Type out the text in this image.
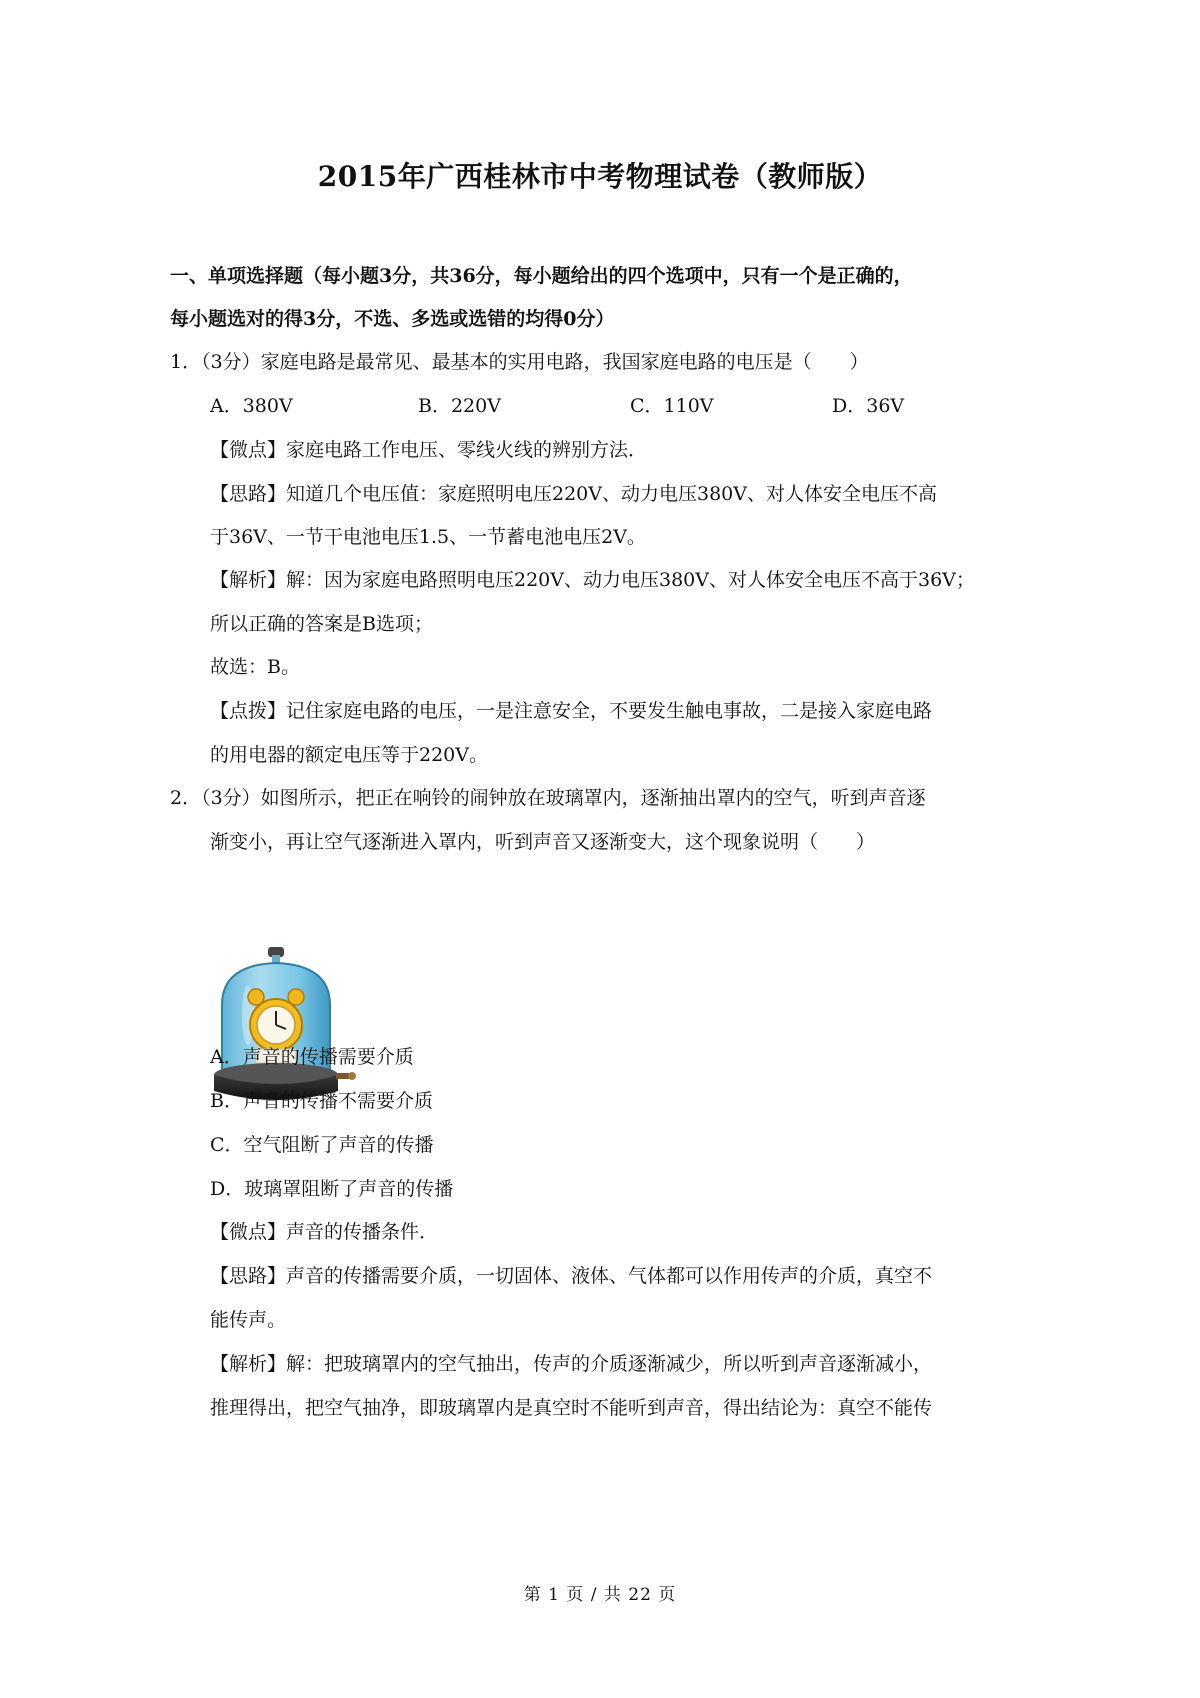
2015年广西桂林市中考物理试卷（教师版）
一、单项选择题（每小题3分，共36分，每小题给出的四个选项中，只有一个是正确的，
每小题选对的得3分，不选、多选或选错的均得0分）
1．（3分）家庭电路是最常见、最基本的实用电路，我国家庭电路的电压是（　　）
A．380V	B．220V	C．110V	D．36V
【微点】家庭电路工作电压、零线火线的辨别方法．
【思路】知道几个电压值：家庭照明电压220V、动力电压380V、对人体安全电压不高
于36V、一节干电池电压1.5、一节蓄电池电压2V。
【解析】解：因为家庭电路照明电压220V、动力电压380V、对人体安全电压不高于36V；
所以正确的答案是B选项；
故选：B。
【点拨】记住家庭电路的电压，一是注意安全，不要发生触电事故，二是接入家庭电路
的用电器的额定电压等于220V。
2．（3分）如图所示，把正在响铃的闹钟放在玻璃罩内，逐渐抽出罩内的空气，听到声音逐
渐变小，再让空气逐渐进入罩内，听到声音又逐渐变大，这个现象说明（　　）
A．声音的传播需要介质
B．声音的传播不需要介质
C．空气阻断了声音的传播
D．玻璃罩阻断了声音的传播
【微点】声音的传播条件．
【思路】声音的传播需要介质，一切固体、液体、气体都可以作用传声的介质，真空不
能传声。
【解析】解：把玻璃罩内的空气抽出，传声的介质逐渐减少，所以听到声音逐渐减小，
推理得出，把空气抽净，即玻璃罩内是真空时不能听到声音，得出结论为：真空不能传
第 1 页 / 共 22 页
